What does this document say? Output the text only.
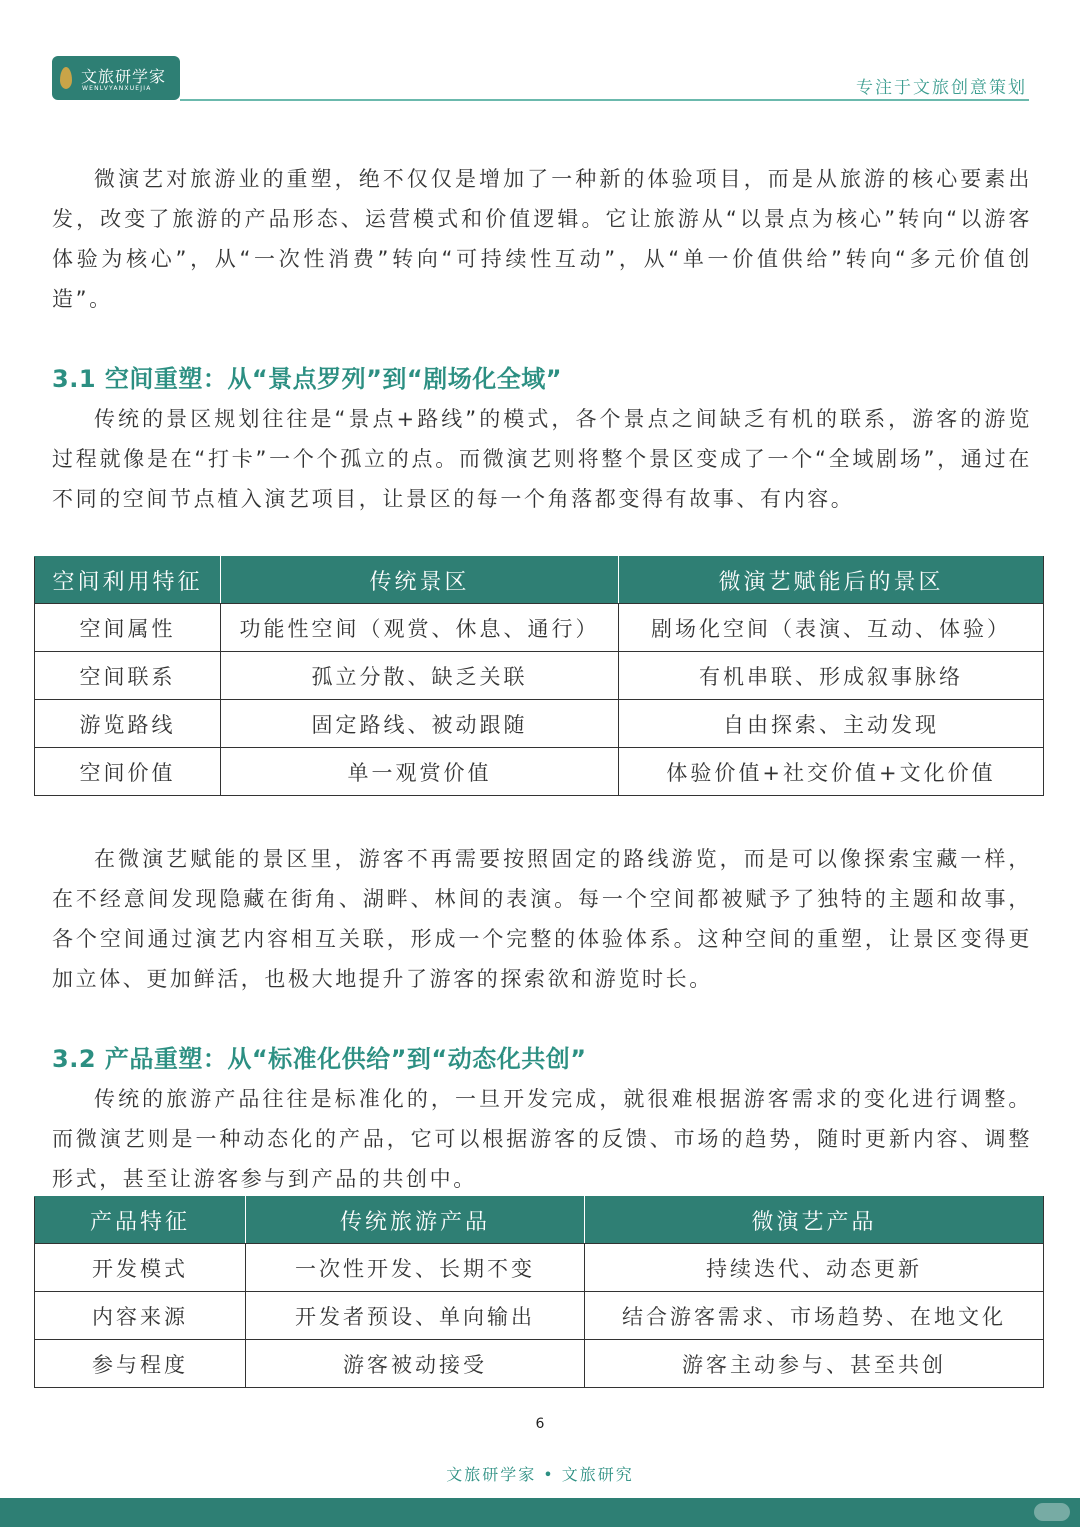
文旅研学家
WENLVYANXUEJIA	专注于文旅创意策划

微演艺对旅游业的重塑，绝不仅仅是增加了一种新的体验项目，而是从旅游的核心要素出发，改变了旅游的产品形态、运营模式和价值逻辑。它让旅游从“以景点为核心”转向“以游客体验为核心”，从“一次性消费”转向“可持续性互动”，从“单一价值供给”转向“多元价值创造”。

3.1 空间重塑：从“景点罗列”到“剧场化全域”

传统的景区规划往往是“景点+路线”的模式，各个景点之间缺乏有机的联系，游客的游览过程就像是在“打卡”一个个孤立的点。而微演艺则将整个景区变成了一个“全域剧场”，通过在不同的空间节点植入演艺项目，让景区的每一个角落都变得有故事、有内容。

空间利用特征	传统景区	微演艺赋能后的景区
空间属性	功能性空间（观赏、休息、通行）	剧场化空间（表演、互动、体验）
空间联系	孤立分散、缺乏关联	有机串联、形成叙事脉络
游览路线	固定路线、被动跟随	自由探索、主动发现
空间价值	单一观赏价值	体验价值+社交价值+文化价值

在微演艺赋能的景区里，游客不再需要按照固定的路线游览，而是可以像探索宝藏一样，在不经意间发现隐藏在街角、湖畔、林间的表演。每一个空间都被赋予了独特的主题和故事，各个空间通过演艺内容相互关联，形成一个完整的体验体系。这种空间的重塑，让景区变得更加立体、更加鲜活，也极大地提升了游客的探索欲和游览时长。

3.2 产品重塑：从“标准化供给”到“动态化共创”

传统的旅游产品往往是标准化的，一旦开发完成，就很难根据游客需求的变化进行调整。而微演艺则是一种动态化的产品，它可以根据游客的反馈、市场的趋势，随时更新内容、调整形式，甚至让游客参与到产品的共创中。

产品特征	传统旅游产品	微演艺产品
开发模式	一次性开发、长期不变	持续迭代、动态更新
内容来源	开发者预设、单向输出	结合游客需求、市场趋势、在地文化
参与程度	游客被动接受	游客主动参与、甚至共创
6
文旅研学家 • 文旅研究
